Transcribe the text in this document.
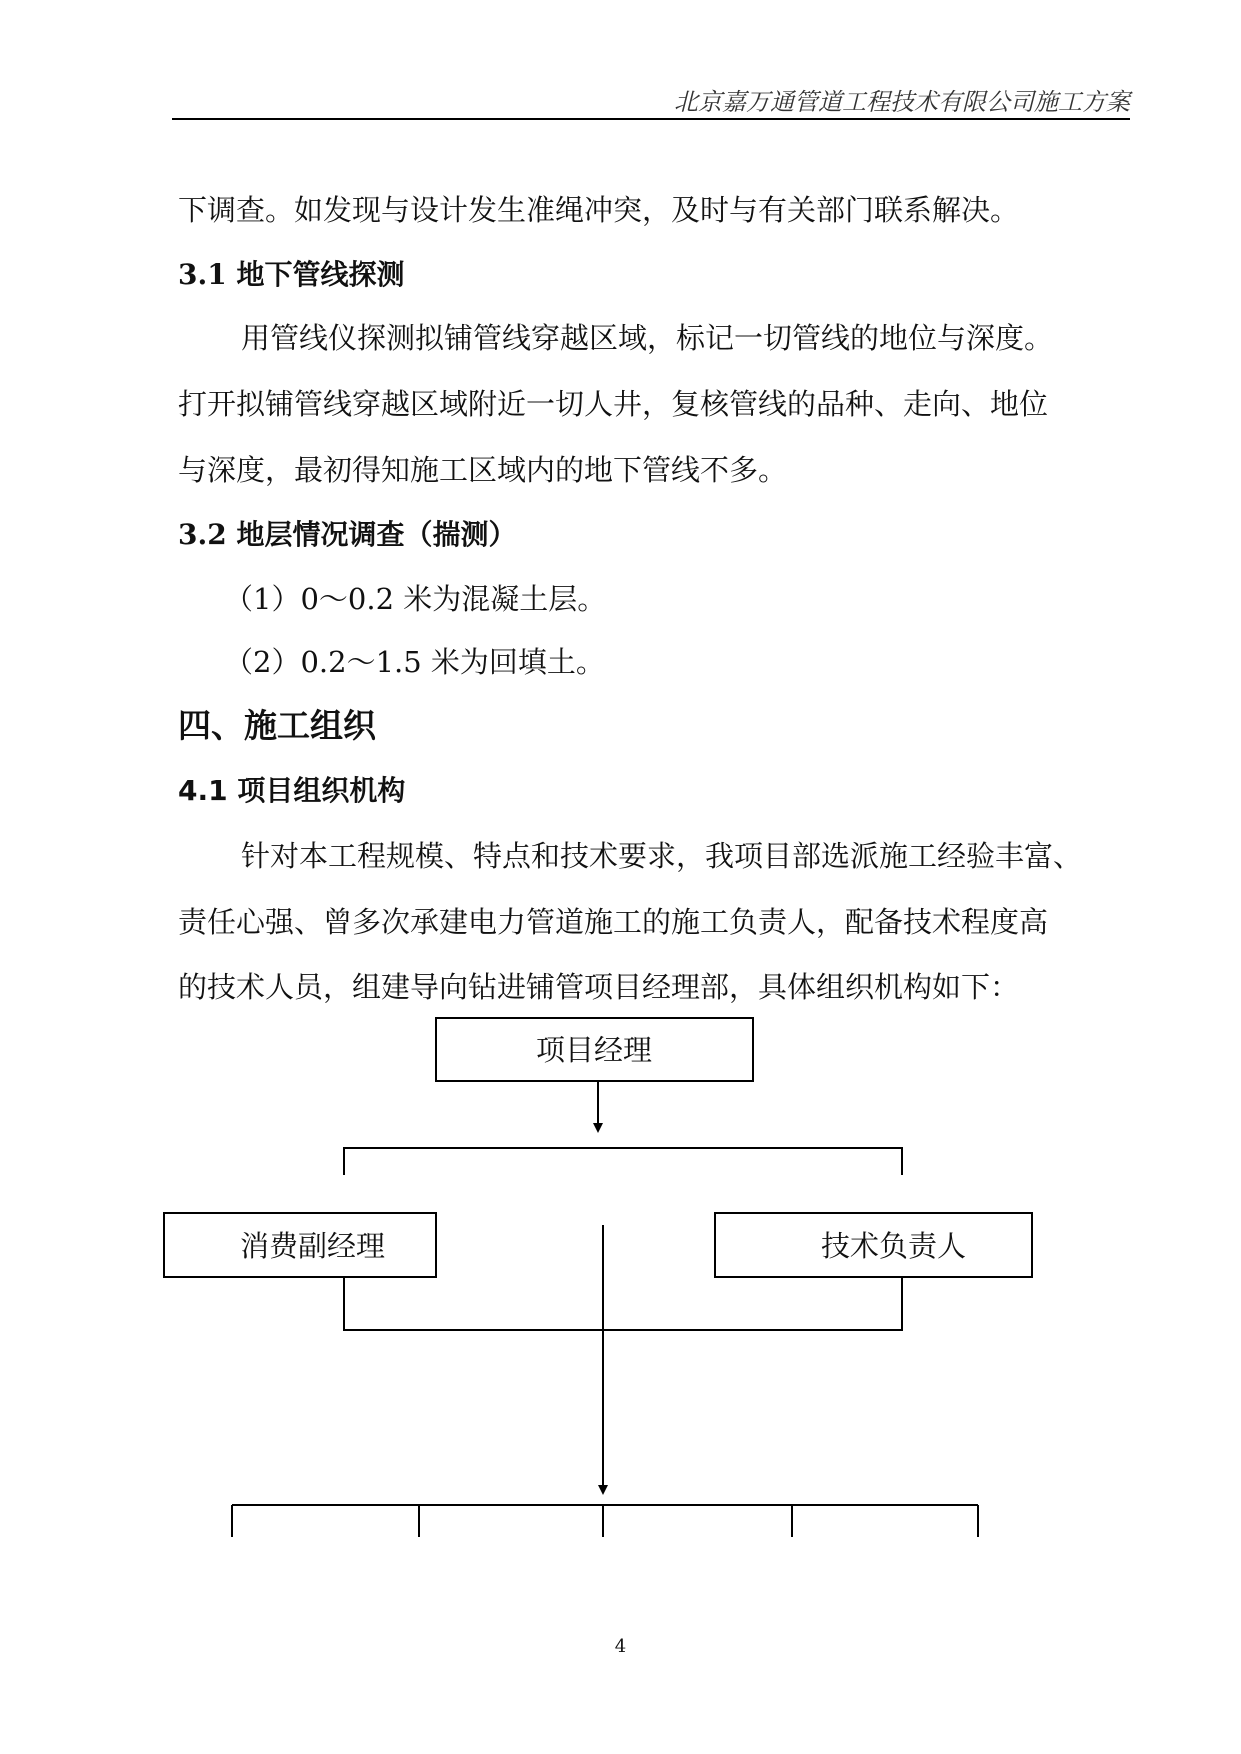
北京嘉万通管道工程技术有限公司施工方案
下调查。如发现与设计发生准绳冲突，及时与有关部门联系解决。
3.1 地下管线探测
用管线仪探测拟铺管线穿越区域，标记一切管线的地位与深度。
打开拟铺管线穿越区域附近一切人井，复核管线的品种、走向、地位
与深度，最初得知施工区域内的地下管线不多。
3.2 地层情况调查（揣测）
（1）0～0.2 米为混凝土层。
（2）0.2～1.5 米为回填土。
四、施工组织
4.1 项目组织机构
针对本工程规模、特点和技术要求，我项目部选派施工经验丰富、
责任心强、曾多次承建电力管道施工的施工负责人，配备技术程度高
的技术人员，组建导向钻进铺管项目经理部，具体组织机构如下：
项目经理
消费副经理	技术负责人
4
